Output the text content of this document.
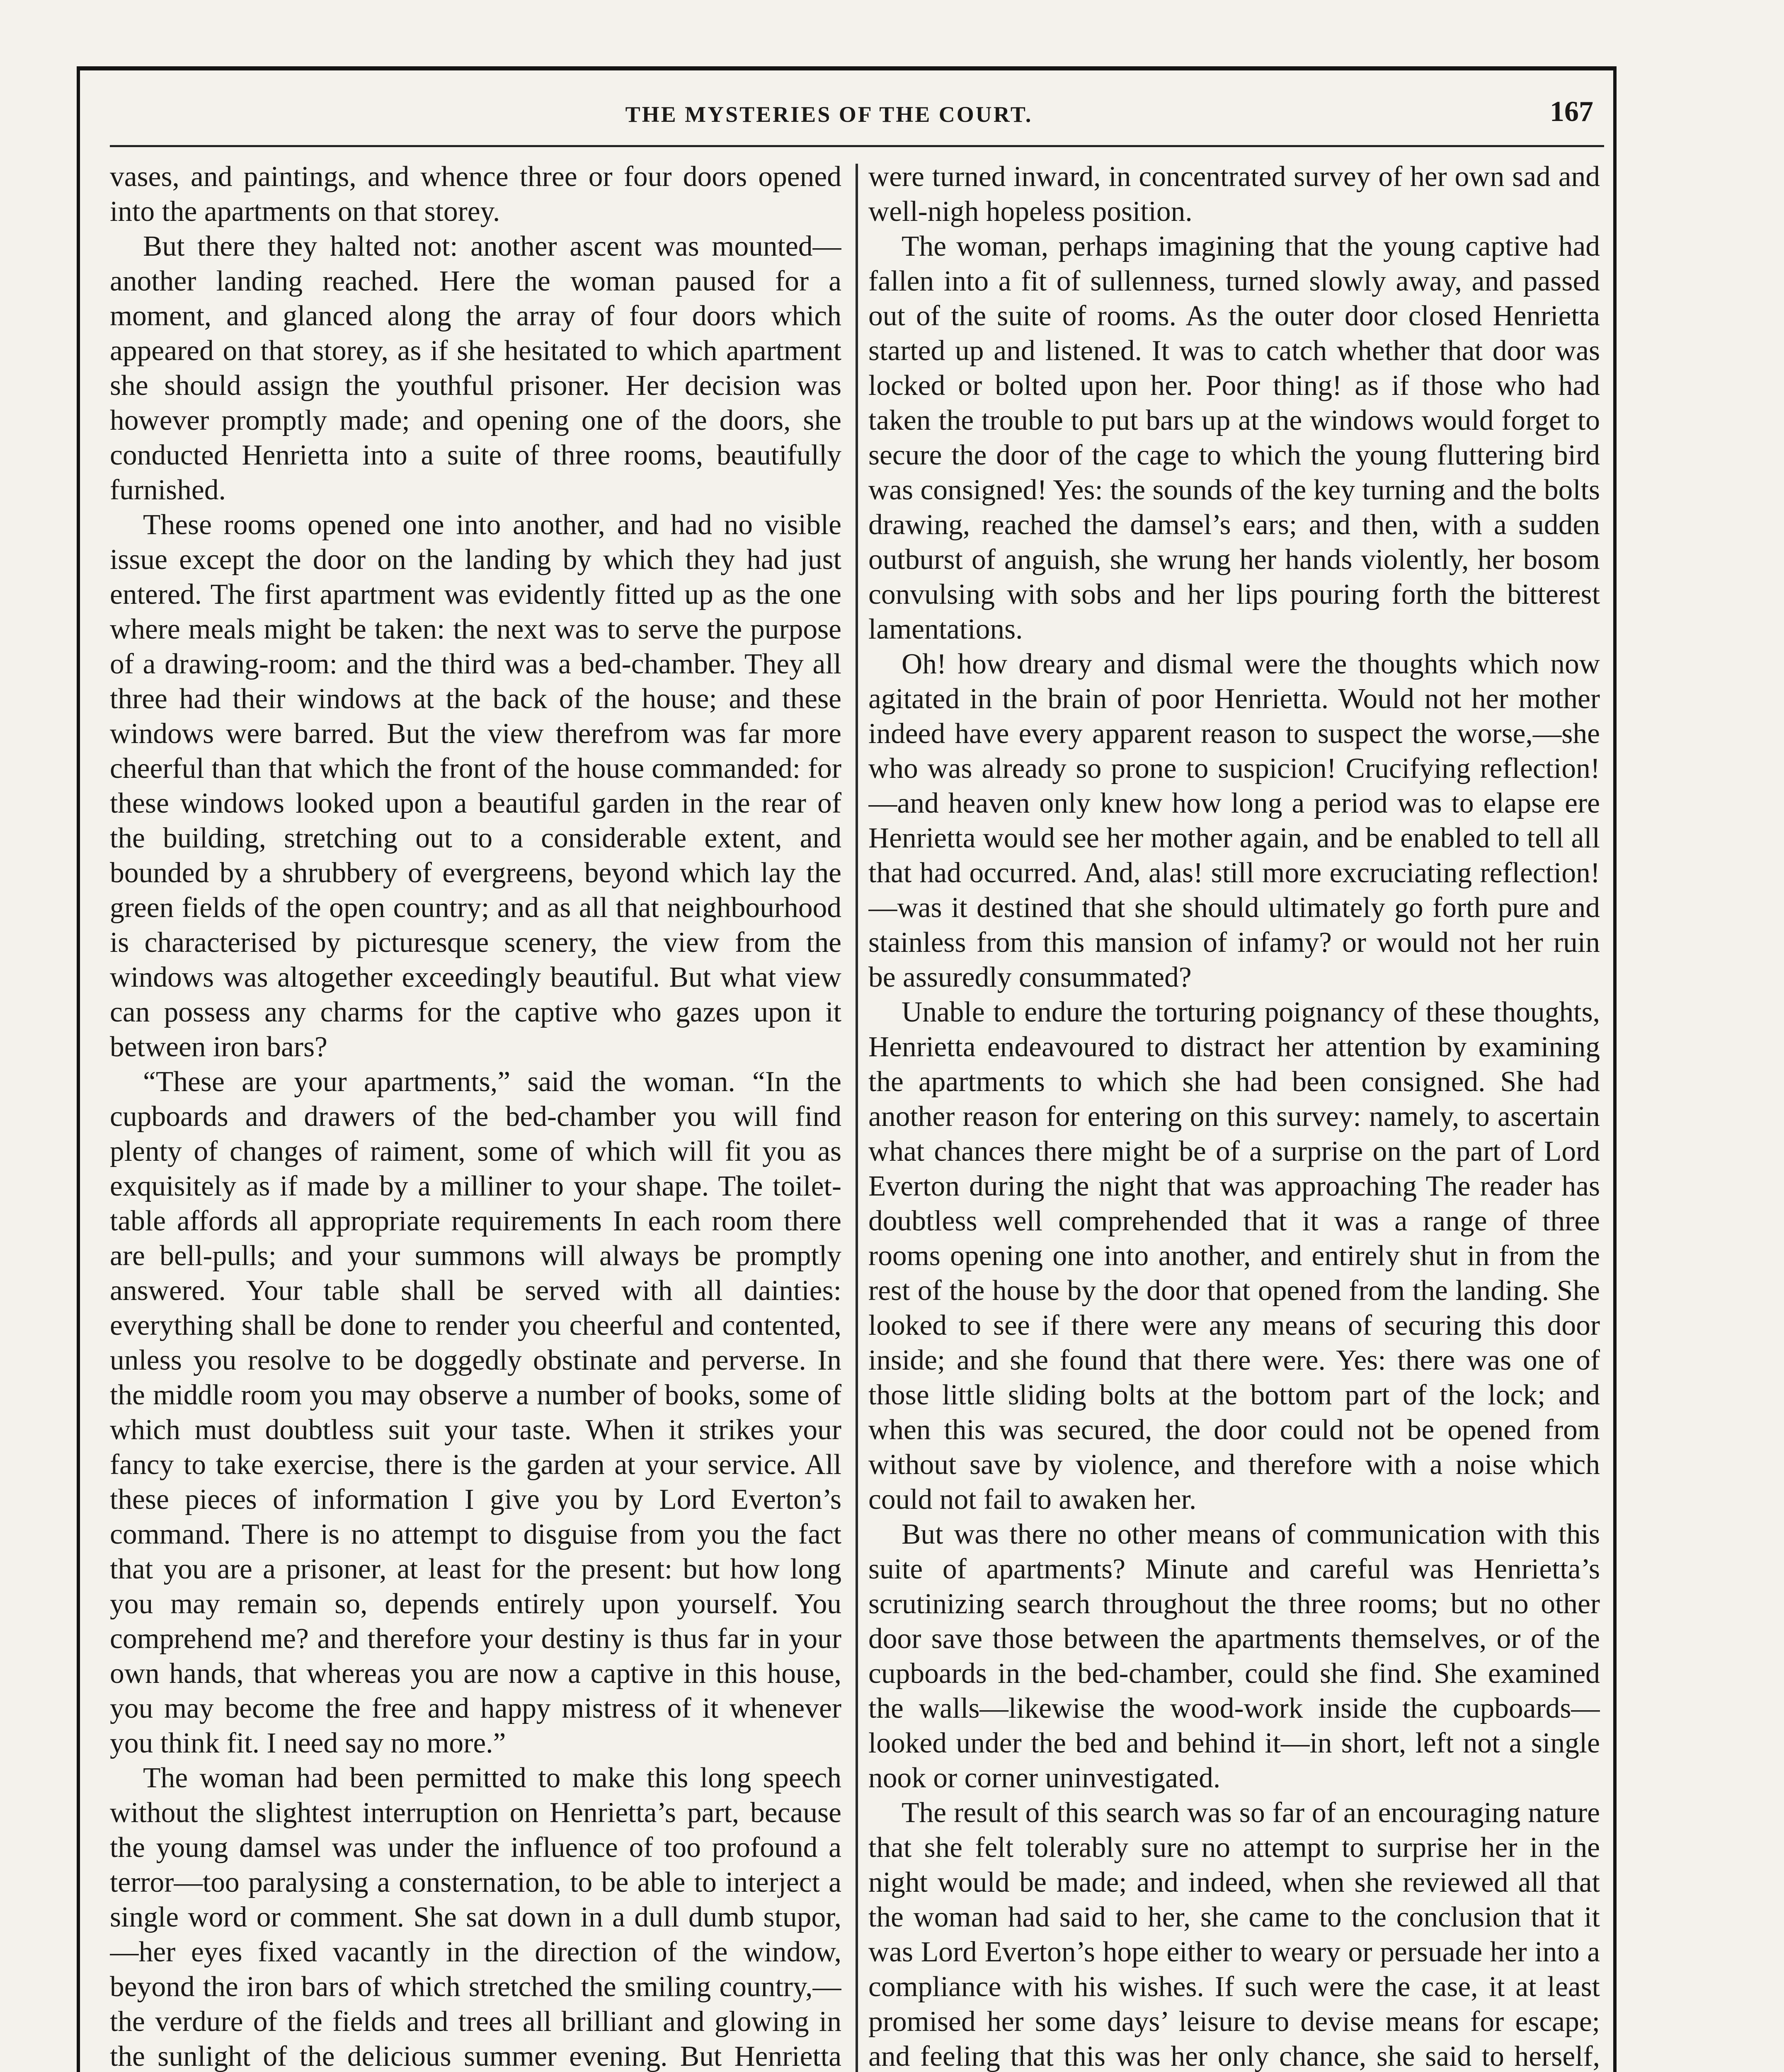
THE MYSTERIES OF THE COURT.	167

vases, and paintings, and whence three or four doors opened into the apartments on that storey.

But there they halted not: another ascent was mounted—another landing reached. Here the woman paused for a moment, and glanced along the array of four doors which appeared on that storey, as if she hesitated to which apartment she should assign the youthful prisoner. Her decision was however promptly made; and opening one of the doors, she conducted Henrietta into a suite of three rooms, beautifully furnished.

These rooms opened one into another, and had no visible issue except the door on the landing by which they had just entered. The first apartment was evidently fitted up as the one where meals might be taken: the next was to serve the purpose of a drawing-room: and the third was a bed-chamber. They all three had their windows at the back of the house; and these windows were barred. But the view therefrom was far more cheerful than that which the front of the house commanded: for these windows looked upon a beautiful garden in the rear of the building, stretching out to a considerable extent, and bounded by a shrubbery of evergreens, beyond which lay the green fields of the open country; and as all that neighbourhood is characterised by picturesque scenery, the view from the windows was altogether exceedingly beautiful. But what view can possess any charms for the captive who gazes upon it between iron bars?

“These are your apartments,” said the woman. “In the cupboards and drawers of the bed-chamber you will find plenty of changes of raiment, some of which will fit you as exquisitely as if made by a milliner to your shape. The toilet-table affords all appropriate requirements In each room there are bell-pulls; and your summons will always be promptly answered. Your table shall be served with all dainties: everything shall be done to render you cheerful and contented, unless you resolve to be doggedly obstinate and perverse. In the middle room you may observe a number of books, some of which must doubtless suit your taste. When it strikes your fancy to take exercise, there is the garden at your service. All these pieces of information I give you by Lord Everton’s command. There is no attempt to disguise from you the fact that you are a prisoner, at least for the present: but how long you may remain so, depends entirely upon yourself. You comprehend me? and therefore your destiny is thus far in your own hands, that whereas you are now a captive in this house, you may become the free and happy mistress of it whenever you think fit. I need say no more.”

The woman had been permitted to make this long speech without the slightest interruption on Henrietta’s part, because the young damsel was under the influence of too profound a terror—too paralysing a consternation, to be able to interject a single word or comment. She sat down in a dull dumb stupor,—her eyes fixed vacantly in the direction of the window, beyond the iron bars of which stretched the smiling country,—the verdure of the fields and trees all brilliant and glowing in the sunlight of the delicious summer evening. But Henrietta

were turned inward, in concentrated survey of her own sad and well-nigh hopeless position.

The woman, perhaps imagining that the young captive had fallen into a fit of sullenness, turned slowly away, and passed out of the suite of rooms. As the outer door closed Henrietta started up and listened. It was to catch whether that door was locked or bolted upon her. Poor thing! as if those who had taken the trouble to put bars up at the windows would forget to secure the door of the cage to which the young fluttering bird was consigned! Yes: the sounds of the key turning and the bolts drawing, reached the damsel’s ears; and then, with a sudden outburst of anguish, she wrung her hands violently, her bosom convulsing with sobs and her lips pouring forth the bitterest lamentations.

Oh! how dreary and dismal were the thoughts which now agitated in the brain of poor Henrietta. Would not her mother indeed have every apparent reason to suspect the worse,—she who was already so prone to suspicion! Crucifying reflection!—and heaven only knew how long a period was to elapse ere Henrietta would see her mother again, and be enabled to tell all that had occurred. And, alas! still more excruciating reflection!—was it destined that she should ultimately go forth pure and stainless from this mansion of infamy? or would not her ruin be assuredly consummated?

Unable to endure the torturing poignancy of these thoughts, Henrietta endeavoured to distract her attention by examining the apartments to which she had been consigned. She had another reason for entering on this survey: namely, to ascertain what chances there might be of a surprise on the part of Lord Everton during the night that was approaching The reader has doubtless well comprehended that it was a range of three rooms opening one into another, and entirely shut in from the rest of the house by the door that opened from the landing. She looked to see if there were any means of securing this door inside; and she found that there were. Yes: there was one of those little sliding bolts at the bottom part of the lock; and when this was secured, the door could not be opened from without save by violence, and therefore with a noise which could not fail to awaken her.

But was there no other means of communication with this suite of apartments? Minute and careful was Henrietta’s scrutinizing search throughout the three rooms; but no other door save those between the apartments themselves, or of the cupboards in the bed-chamber, could she find. She examined the walls—likewise the wood-work inside the cupboards—looked under the bed and behind it—in short, left not a single nook or corner uninvestigated.

The result of this search was so far of an encouraging nature that she felt tolerably sure no attempt to surprise her in the night would be made; and indeed, when she reviewed all that the woman had said to her, she came to the conclusion that it was Lord Everton’s hope either to weary or persuade her into a compliance with his wishes. If such were the case, it at least promised her some days’ leisure to devise means for escape; and feeling that this was her only chance, she said to herself,
